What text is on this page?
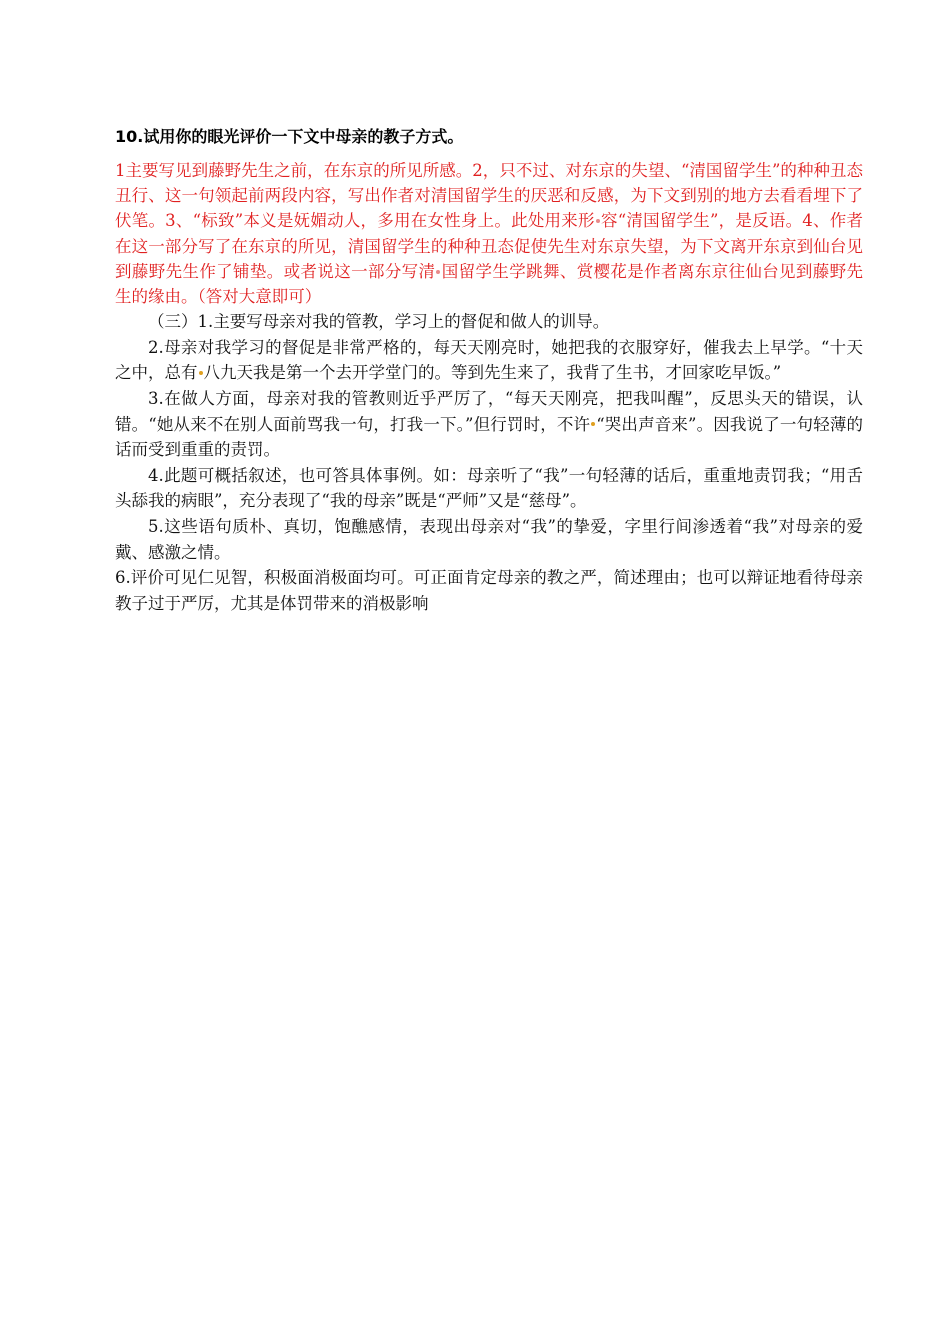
10.试用你的眼光评价一下文中母亲的教子方式。

1主要写见到藤野先生之前，在东京的所见所感。2，只不过、对东京的失望、“清国留学生”的种种丑态丑行、这一句领起前两段内容，写出作者对清国留学生的厌恶和反感，为下文到别的地方去看看埋下了伏笔。3、“标致”本义是妩媚动人，多用在女性身上。此处用来形 容“清国留学生”，是反语。4、作者在这一部分写了在东京的所见，清国留学生的种种丑态促使先生对东京失望，为下文离开东京到仙台见到藤野先生作了铺垫。或者说这一部分写清 国留学生学跳舞、赏樱花是作者离东京往仙台见到藤野先生的缘由。（答对大意即可）

（三）1.主要写母亲对我的管教，学习上的督促和做人的训导。

2.母亲对我学习的督促是非常严格的，每天天刚亮时，她把我的衣服穿好，催我去上早学。“十天之中，总有 八九天我是第一个去开学堂门的。等到先生来了，我背了生书，才回家吃早饭。”

3.在做人方面，母亲对我的管教则近乎严厉了，“每天天刚亮，把我叫醒”，反思头天的错误，认错。“她从来不在别人面前骂我一句，打我一下。”但行罚时，不许 “哭出声音来”。因我说了一句轻薄的话而受到重重的责罚。

4.此题可概括叙述，也可答具体事例。如：母亲听了“我”一句轻薄的话后，重重地责罚我；“用舌头舔我的病眼”，充分表现了“我的母亲”既是“严师”又是“慈母”。

5.这些语句质朴、真切，饱醮感情，表现出母亲对“我”的挚爱，字里行间渗透着“我”对母亲的爱戴、感激之情。

6.评价可见仁见智，积极面消极面均可。可正面肯定母亲的教之严，简述理由；也可以辩证地看待母亲教子过于严厉，尤其是体罚带来的消极影响
